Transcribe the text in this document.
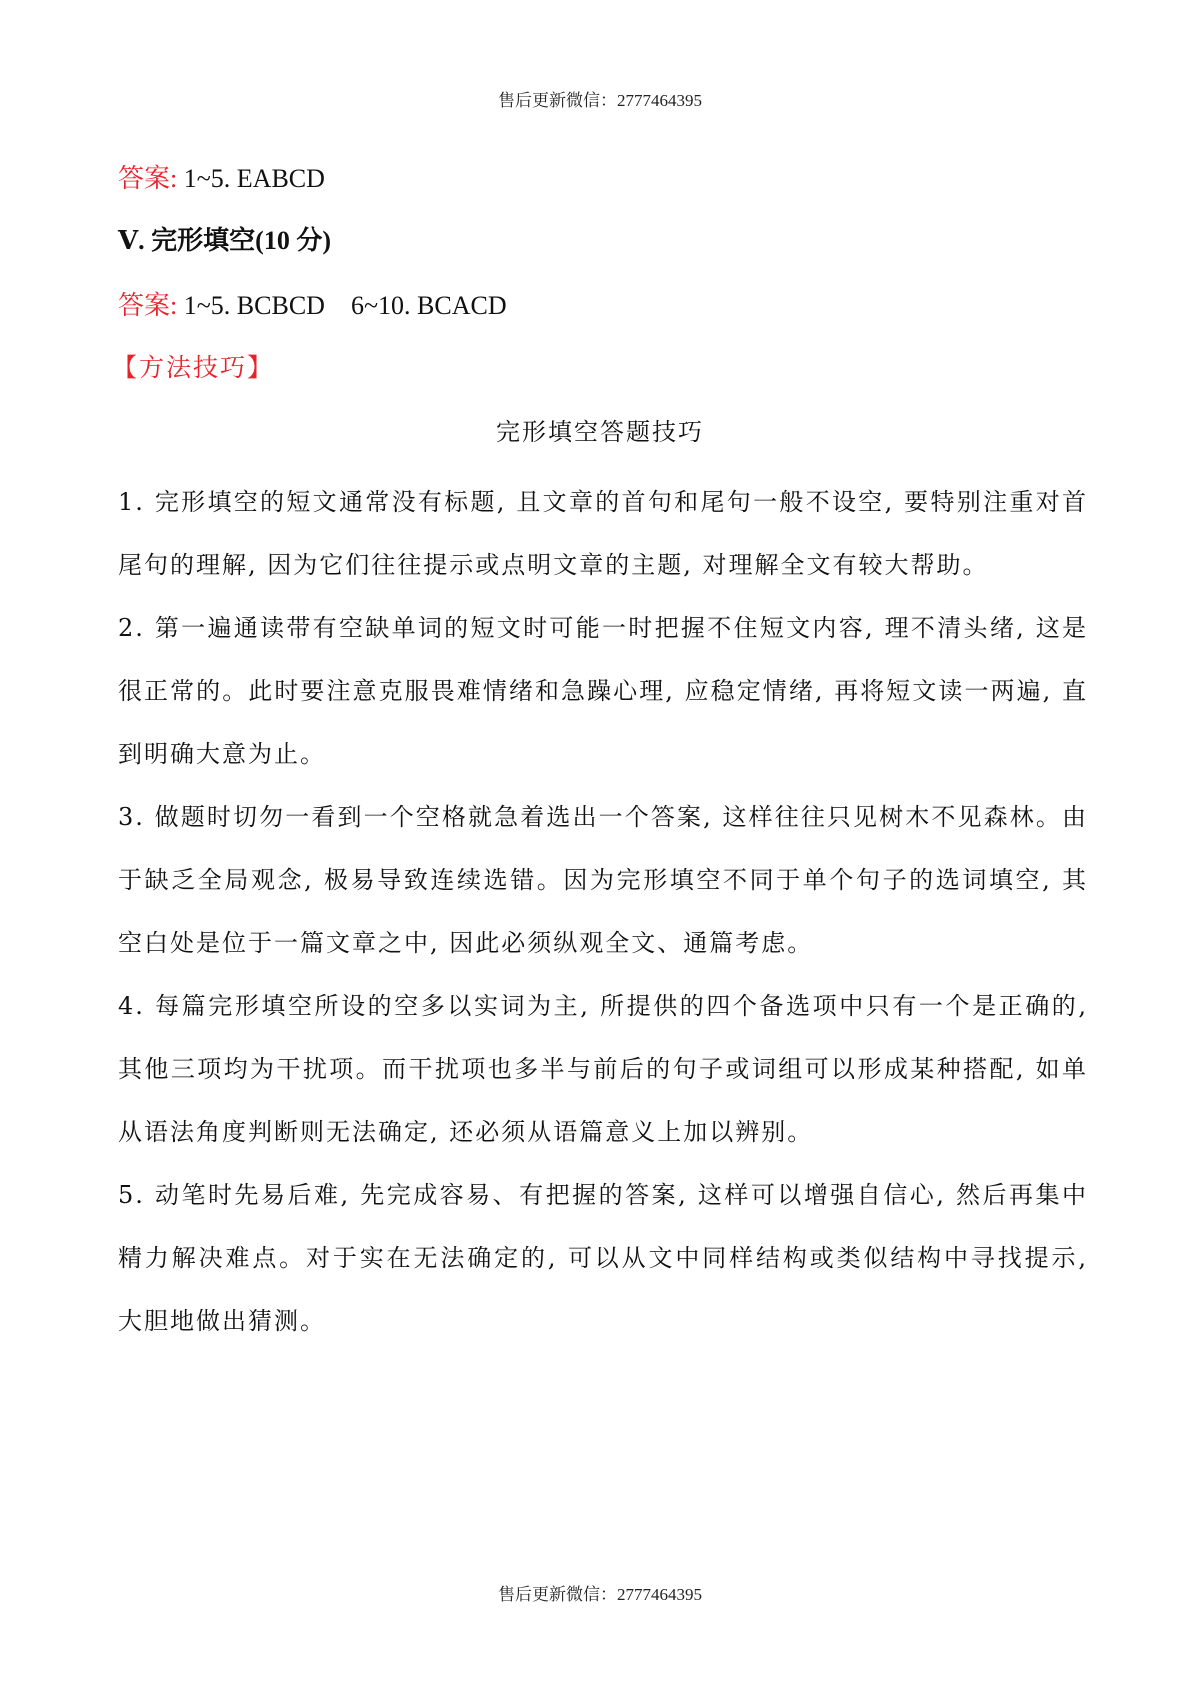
售后更新微信：2777464395
答案: 1~5. EABCD
Ⅴ. 完形填空(10 分)
答案: 1~5. BCBCD    6~10. BCACD
【方法技巧】
完形填空答题技巧
1. 完形填空的短文通常没有标题, 且文章的首句和尾句一般不设空, 要特别注重对首尾句的理解, 因为它们往往提示或点明文章的主题, 对理解全文有较大帮助。
2. 第一遍通读带有空缺单词的短文时可能一时把握不住短文内容, 理不清头绪, 这是很正常的。此时要注意克服畏难情绪和急躁心理, 应稳定情绪, 再将短文读一两遍, 直到明确大意为止。
3. 做题时切勿一看到一个空格就急着选出一个答案, 这样往往只见树木不见森林。由于缺乏全局观念, 极易导致连续选错。因为完形填空不同于单个句子的选词填空, 其空白处是位于一篇文章之中, 因此必须纵观全文、通篇考虑。
4. 每篇完形填空所设的空多以实词为主, 所提供的四个备选项中只有一个是正确的, 其他三项均为干扰项。而干扰项也多半与前后的句子或词组可以形成某种搭配, 如单从语法角度判断则无法确定, 还必须从语篇意义上加以辨别。
5. 动笔时先易后难, 先完成容易、有把握的答案, 这样可以增强自信心, 然后再集中精力解决难点。对于实在无法确定的, 可以从文中同样结构或类似结构中寻找提示, 大胆地做出猜测。
售后更新微信：2777464395
